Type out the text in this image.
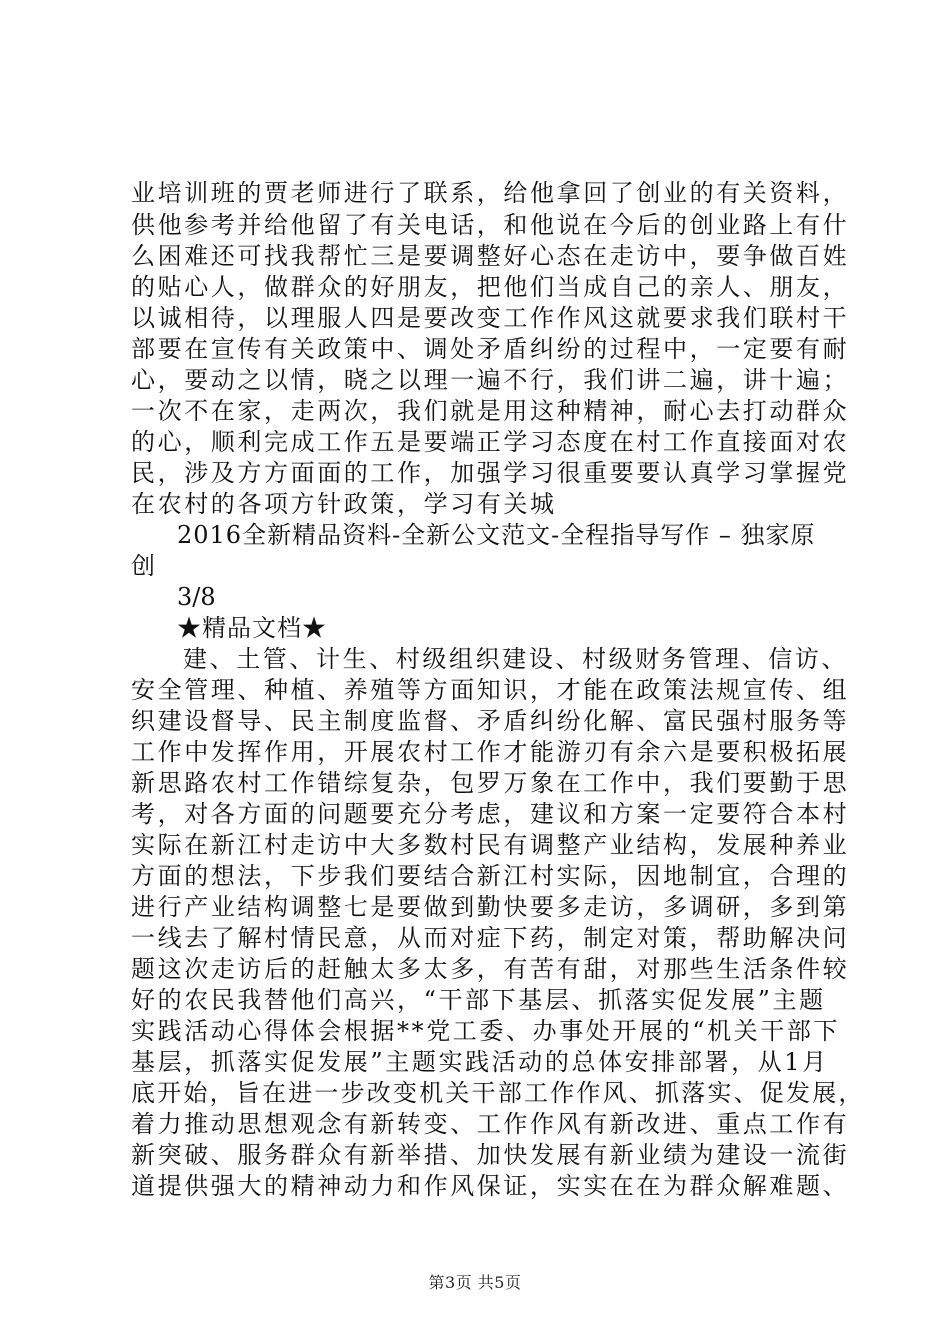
业培训班的贾老师进行了联系，给他拿回了创业的有关资料，
供他参考并给他留了有关电话，和他说在今后的创业路上有什
么困难还可找我帮忙三是要调整好心态在走访中，要争做百姓
的贴心人，做群众的好朋友，把他们当成自己的亲人、朋友，
以诚相待，以理服人四是要改变工作作风这就要求我们联村干
部要在宣传有关政策中、调处矛盾纠纷的过程中，一定要有耐
心，要动之以情，晓之以理一遍不行，我们讲二遍，讲十遍；
一次不在家，走两次，我们就是用这种精神，耐心去打动群众
的心，顺利完成工作五是要端正学习态度在村工作直接面对农
民，涉及方方面面的工作，加强学习很重要要认真学习掌握党
在农村的各项方针政策，学习有关城
2016全新精品资料-全新公文范文-全程指导写作 – 独家原
创
3/8
★精品文档★
建、土管、计生、村级组织建设、村级财务管理、信访、
安全管理、种植、养殖等方面知识，才能在政策法规宣传、组
织建设督导、民主制度监督、矛盾纠纷化解、富民强村服务等
工作中发挥作用，开展农村工作才能游刃有余六是要积极拓展
新思路农村工作错综复杂，包罗万象在工作中，我们要勤于思
考，对各方面的问题要充分考虑，建议和方案一定要符合本村
实际在新江村走访中大多数村民有调整产业结构，发展种养业
方面的想法，下步我们要结合新江村实际，因地制宜，合理的
进行产业结构调整七是要做到勤快要多走访，多调研，多到第
一线去了解村情民意，从而对症下药，制定对策，帮助解决问
题这次走访后的赶触太多太多，有苦有甜，对那些生活条件较
好的农民我替他们高兴，“干部下基层、抓落实促发展”主题
实践活动心得体会根据**党工委、办事处开展的“机关干部下
基层，抓落实促发展”主题实践活动的总体安排部署，从1月
底开始，旨在进一步改变机关干部工作作风、抓落实、促发展，
着力推动思想观念有新转变、工作作风有新改进、重点工作有
新突破、服务群众有新举措、加快发展有新业绩为建设一流街
道提供强大的精神动力和作风保证，实实在在为群众解难题、
第3页 共5页
